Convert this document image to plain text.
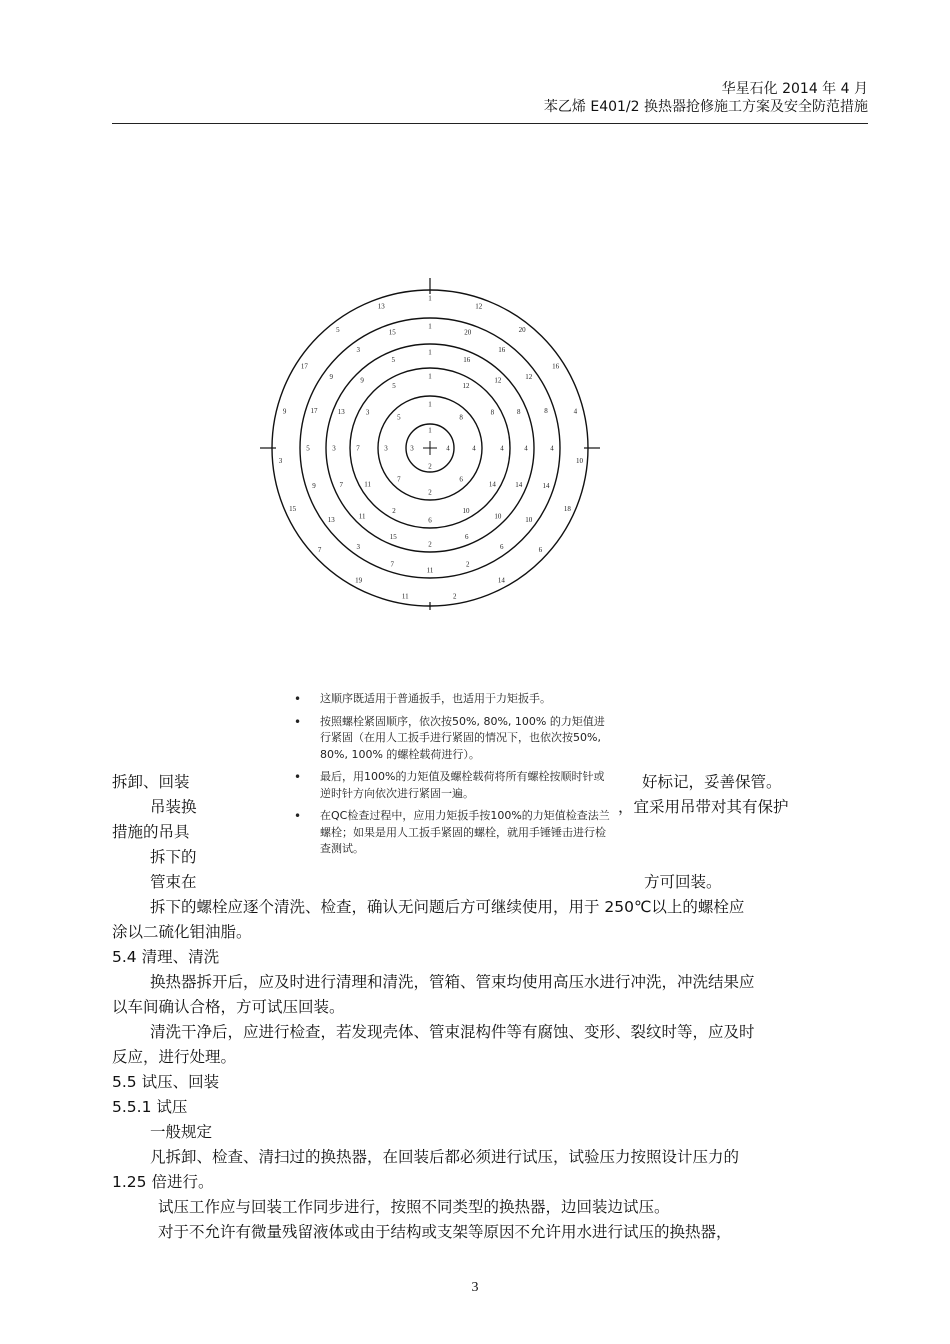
华星石化 2014 年 4 月
苯乙烯 E401/2 换热器抢修施工方案及安全防范措施
1
4
2
3
1
8
4
6
2
7
3
5
1
12
8
4
14
10
6
2
11
7
3
5
1
16
12
8
4
14
10
6
2
15
11
7
3
13
9
5
1
20
16
12
8
4
14
10
6
2
11
7
3
13
9
5
17
9
3
15
1
12
20
16
4
10
18
6
14
2
11
19
7
15
3
9
17
5
13

拆卸、回装	好标记，妥善保管。

吊装换	，宜采用吊带对其有保护

措施的吊具

拆下的

管束在	方可回装。

拆下的螺栓应逐个清洗、检查，确认无问题后方可继续使用，用于 250℃以上的螺栓应

涂以二硫化钼油脂。

5.4 清理、清洗

换热器拆开后，应及时进行清理和清洗，管箱、管束均使用高压水进行冲洗，冲洗结果应

以车间确认合格，方可试压回装。

清洗干净后，应进行检查，若发现壳体、管束混构件等有腐蚀、变形、裂纹时等，应及时

反应，进行处理。

5.5 试压、回装

5.5.1 试压

一般规定

凡拆卸、检查、清扫过的换热器，在回装后都必须进行试压，试验压力按照设计压力的

1.25 倍进行。

试压工作应与回装工作同步进行，按照不同类型的换热器，边回装边试压。

对于不允许有微量残留液体或由于结构或支架等原因不允许用水进行试压的换热器，

• 这顺序既适用于普通扳手，也适用于力矩扳手。
• 按照螺栓紧固顺序，依次按50%, 80%, 100% 的力矩值进行紧固（在用人工扳手进行紧固的情况下，也依次按50%, 80%, 100% 的螺栓载荷进行）。
• 最后，用100%的力矩值及螺栓载荷将所有螺栓按顺时针或逆时针方向依次进行紧固一遍。
• 在QC检查过程中，应用力矩扳手按100%的力矩值检查法兰螺栓；如果是用人工扳手紧固的螺栓，就用手锤锤击进行检查测试。
3
